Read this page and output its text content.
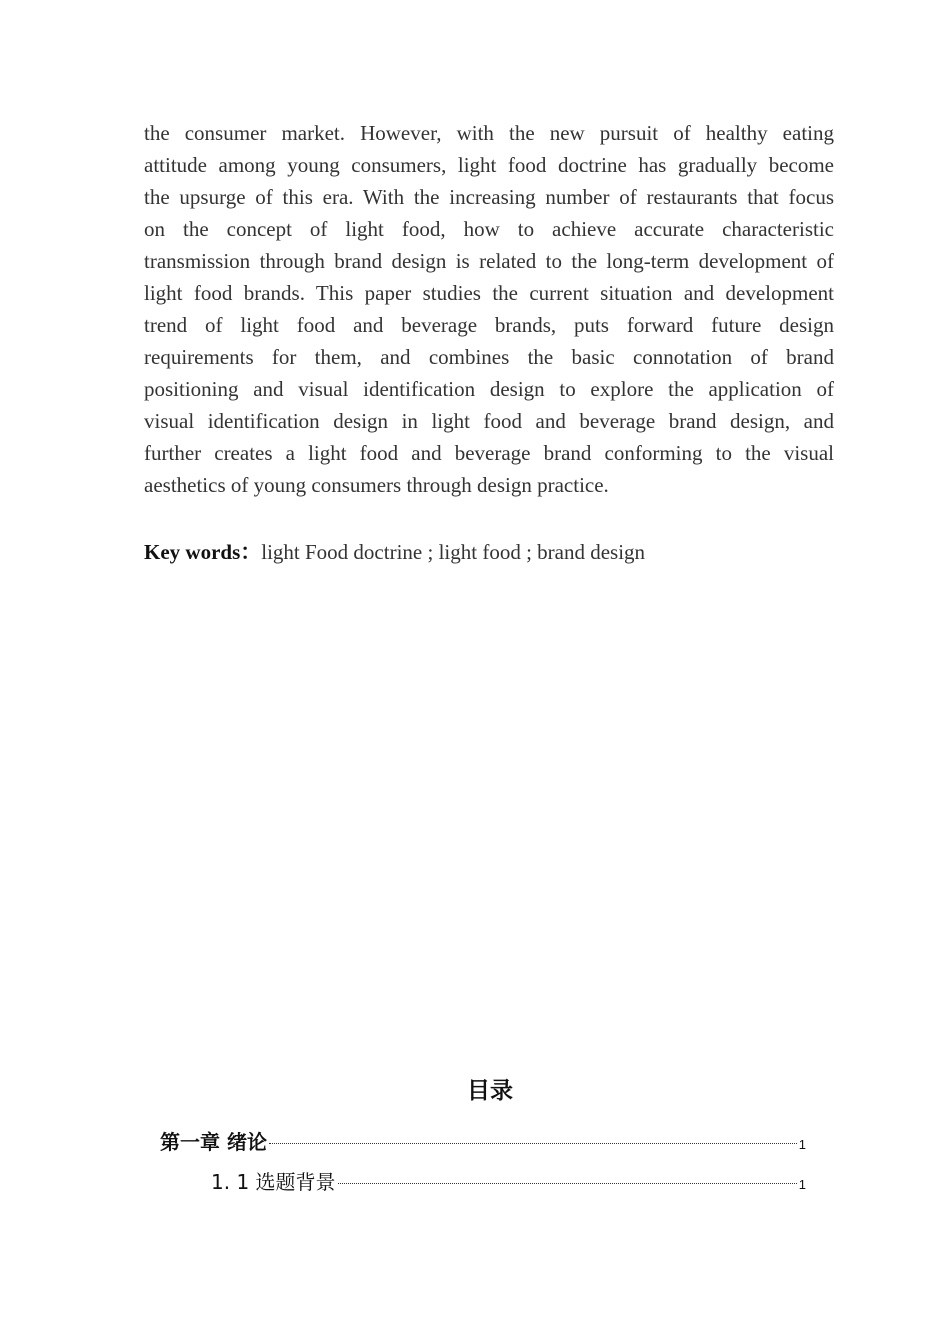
the consumer market. However, with the new pursuit of healthy eating
attitude among young consumers, light food doctrine has gradually become
the upsurge of this era. With the increasing number of restaurants that focus
on the concept of light food, how to achieve accurate characteristic
transmission through brand design is related to the long-term development of
light food brands. This paper studies the current situation and development
trend of light food and beverage brands, puts forward future design
requirements for them, and combines the basic connotation of brand
positioning and visual identification design to explore the application of
visual identification design in light food and beverage brand design, and
further creates a light food and beverage brand conforming to the visual
aesthetics of young consumers through design practice.
Key words：light Food doctrine ; light food ; brand design
目录
第一章 绪论	1
1. 1 选题背景	1
